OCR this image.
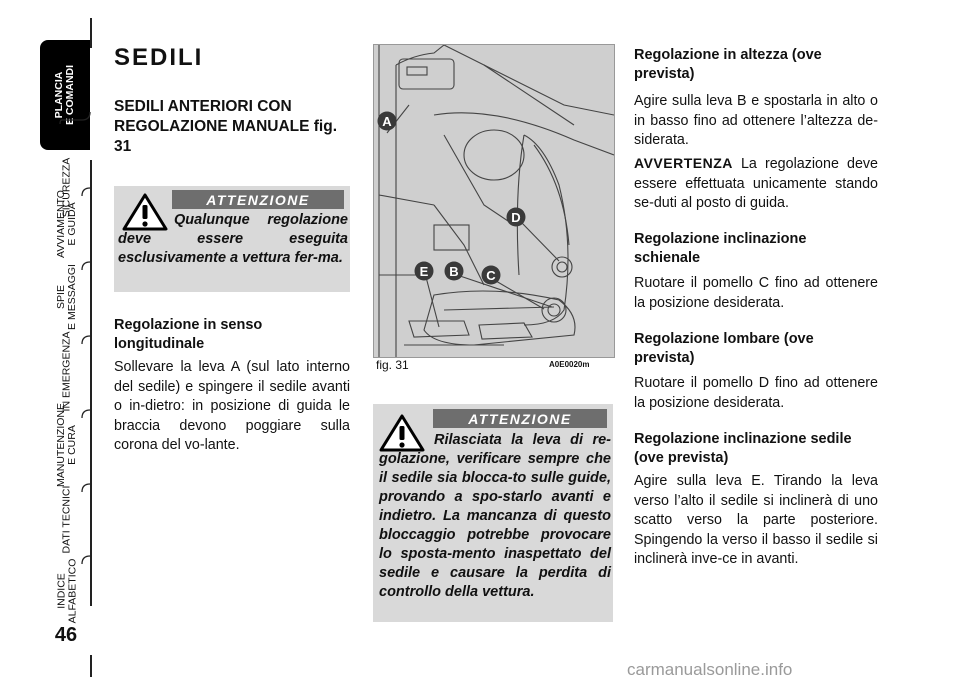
PLANCIA
E COMANDI
SICUREZZA
AVVIAMENTO
E GUIDA
SPIE
E MESSAGGI
IN EMERGENZA
MANUTENZIONE
E CURA
DATI TECNICI
INDICE
ALFABETICO
46
SEDILI
SEDILI ANTERIORI CON REGOLAZIONE MANUALE fig. 31
ATTENZIONE
Qualunque regolazione deve essere eseguita esclusivamente a vettura fer-ma.
Regolazione in senso longitudinale
Sollevare la leva A (sul lato interno del sedile) e spingere il sedile avanti o in-dietro: in posizione di guida le braccia devono poggiare sulla corona del vo-lante.
A
D
E B C
fig. 31	A0E0020m
ATTENZIONE
Rilasciata la leva di re-golazione, verificare sempre che il sedile sia blocca-to sulle guide, provando a spo-starlo avanti e indietro. La mancanza di questo bloccaggio potrebbe provocare lo sposta-mento inaspettato del sedile e causare la perdita di controllo della vettura.
Regolazione in altezza (ove prevista)
Agire sulla leva B e spostarla in alto o in basso fino ad ottenere l’altezza de-siderata.
AVVERTENZA La regolazione deve essere effettuata unicamente stando se-duti al posto di guida.
Regolazione inclinazione schienale
Ruotare il pomello C fino ad ottenere la posizione desiderata.
Regolazione lombare (ove prevista)
Ruotare il pomello D fino ad ottenere la posizione desiderata.
Regolazione inclinazione sedile (ove prevista)
Agire sulla leva E. Tirando la leva verso l’alto il sedile si inclinerà di uno scatto verso la parte posteriore. Spingendo la verso il basso il sedile si inclinerà inve-ce in avanti.
carmanualsonline.info
